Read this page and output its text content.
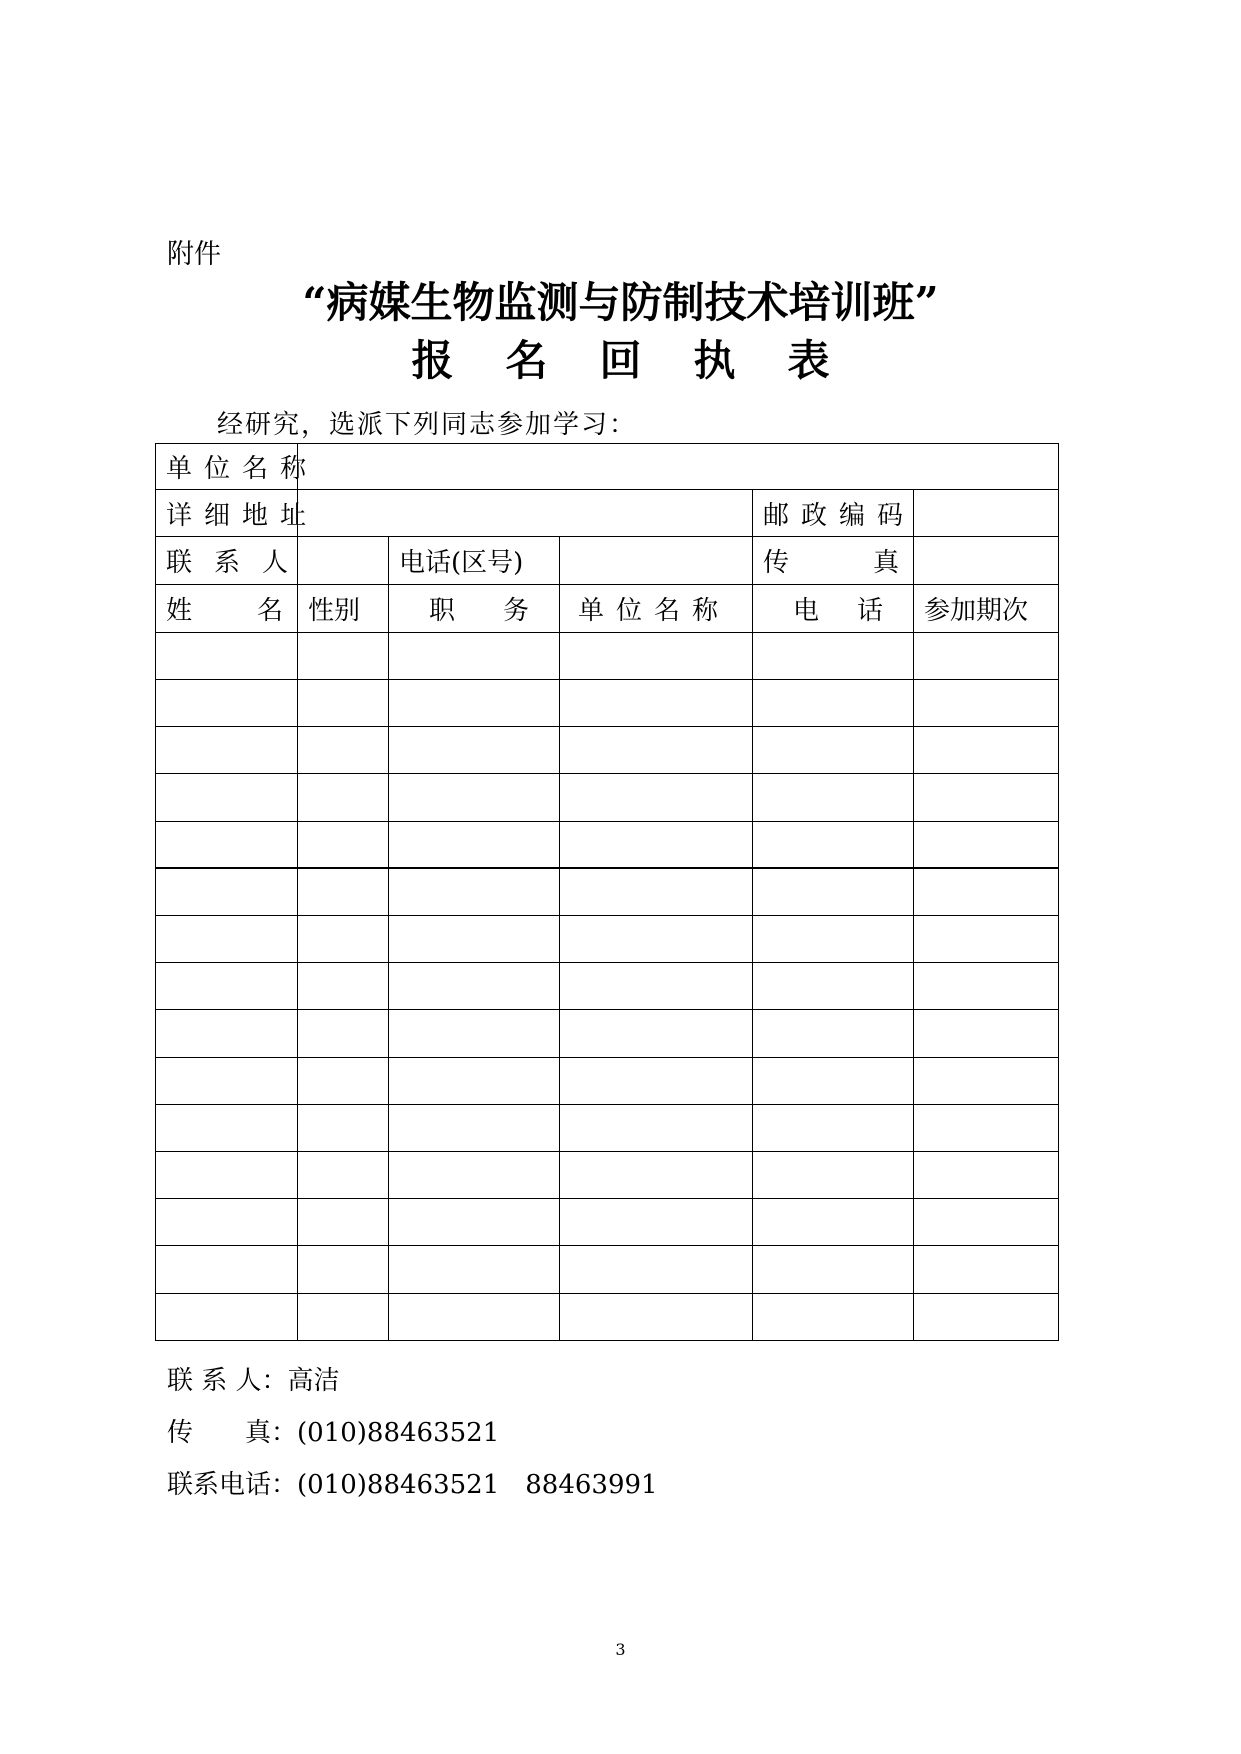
附件
“病媒生物监测与防制技术培训班”
报名回执表
经研究，选派下列同志参加学习：
单位名称					
详细地址				邮政编码	
联系人		电话(区号)		传 真	

姓 名	性别	职 务	单位名称	电 话	参加期次

联 系 人：高洁
传　　真：(010)88463521
联系电话：(010)88463521　88463991
3
